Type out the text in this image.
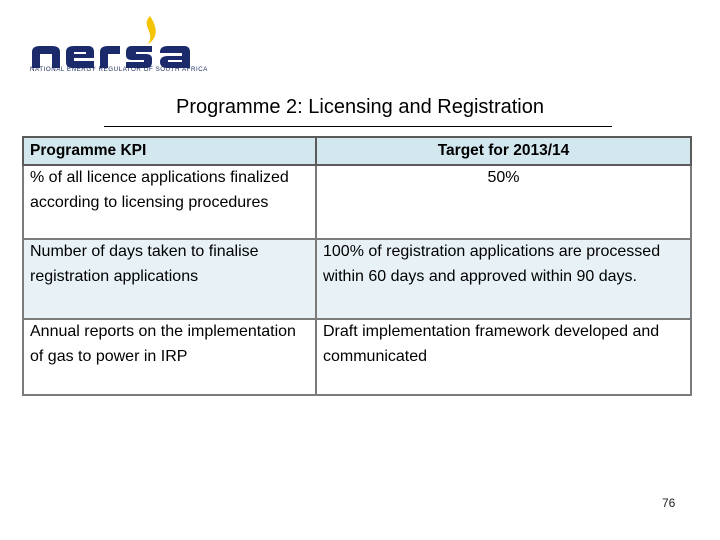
NATIONAL ENERGY REGULATOR OF SOUTH AFRICA
Programme 2: Licensing and Registration
Programme KPI	Target for 2013/14
% of all licence applications finalized according to licensing procedures	50%
Number of days taken to finalise registration applications	100% of registration applications are processed within 60 days and approved within 90 days.
Annual reports on the implementation of gas to power in IRP	Draft implementation framework developed and communicated
76
